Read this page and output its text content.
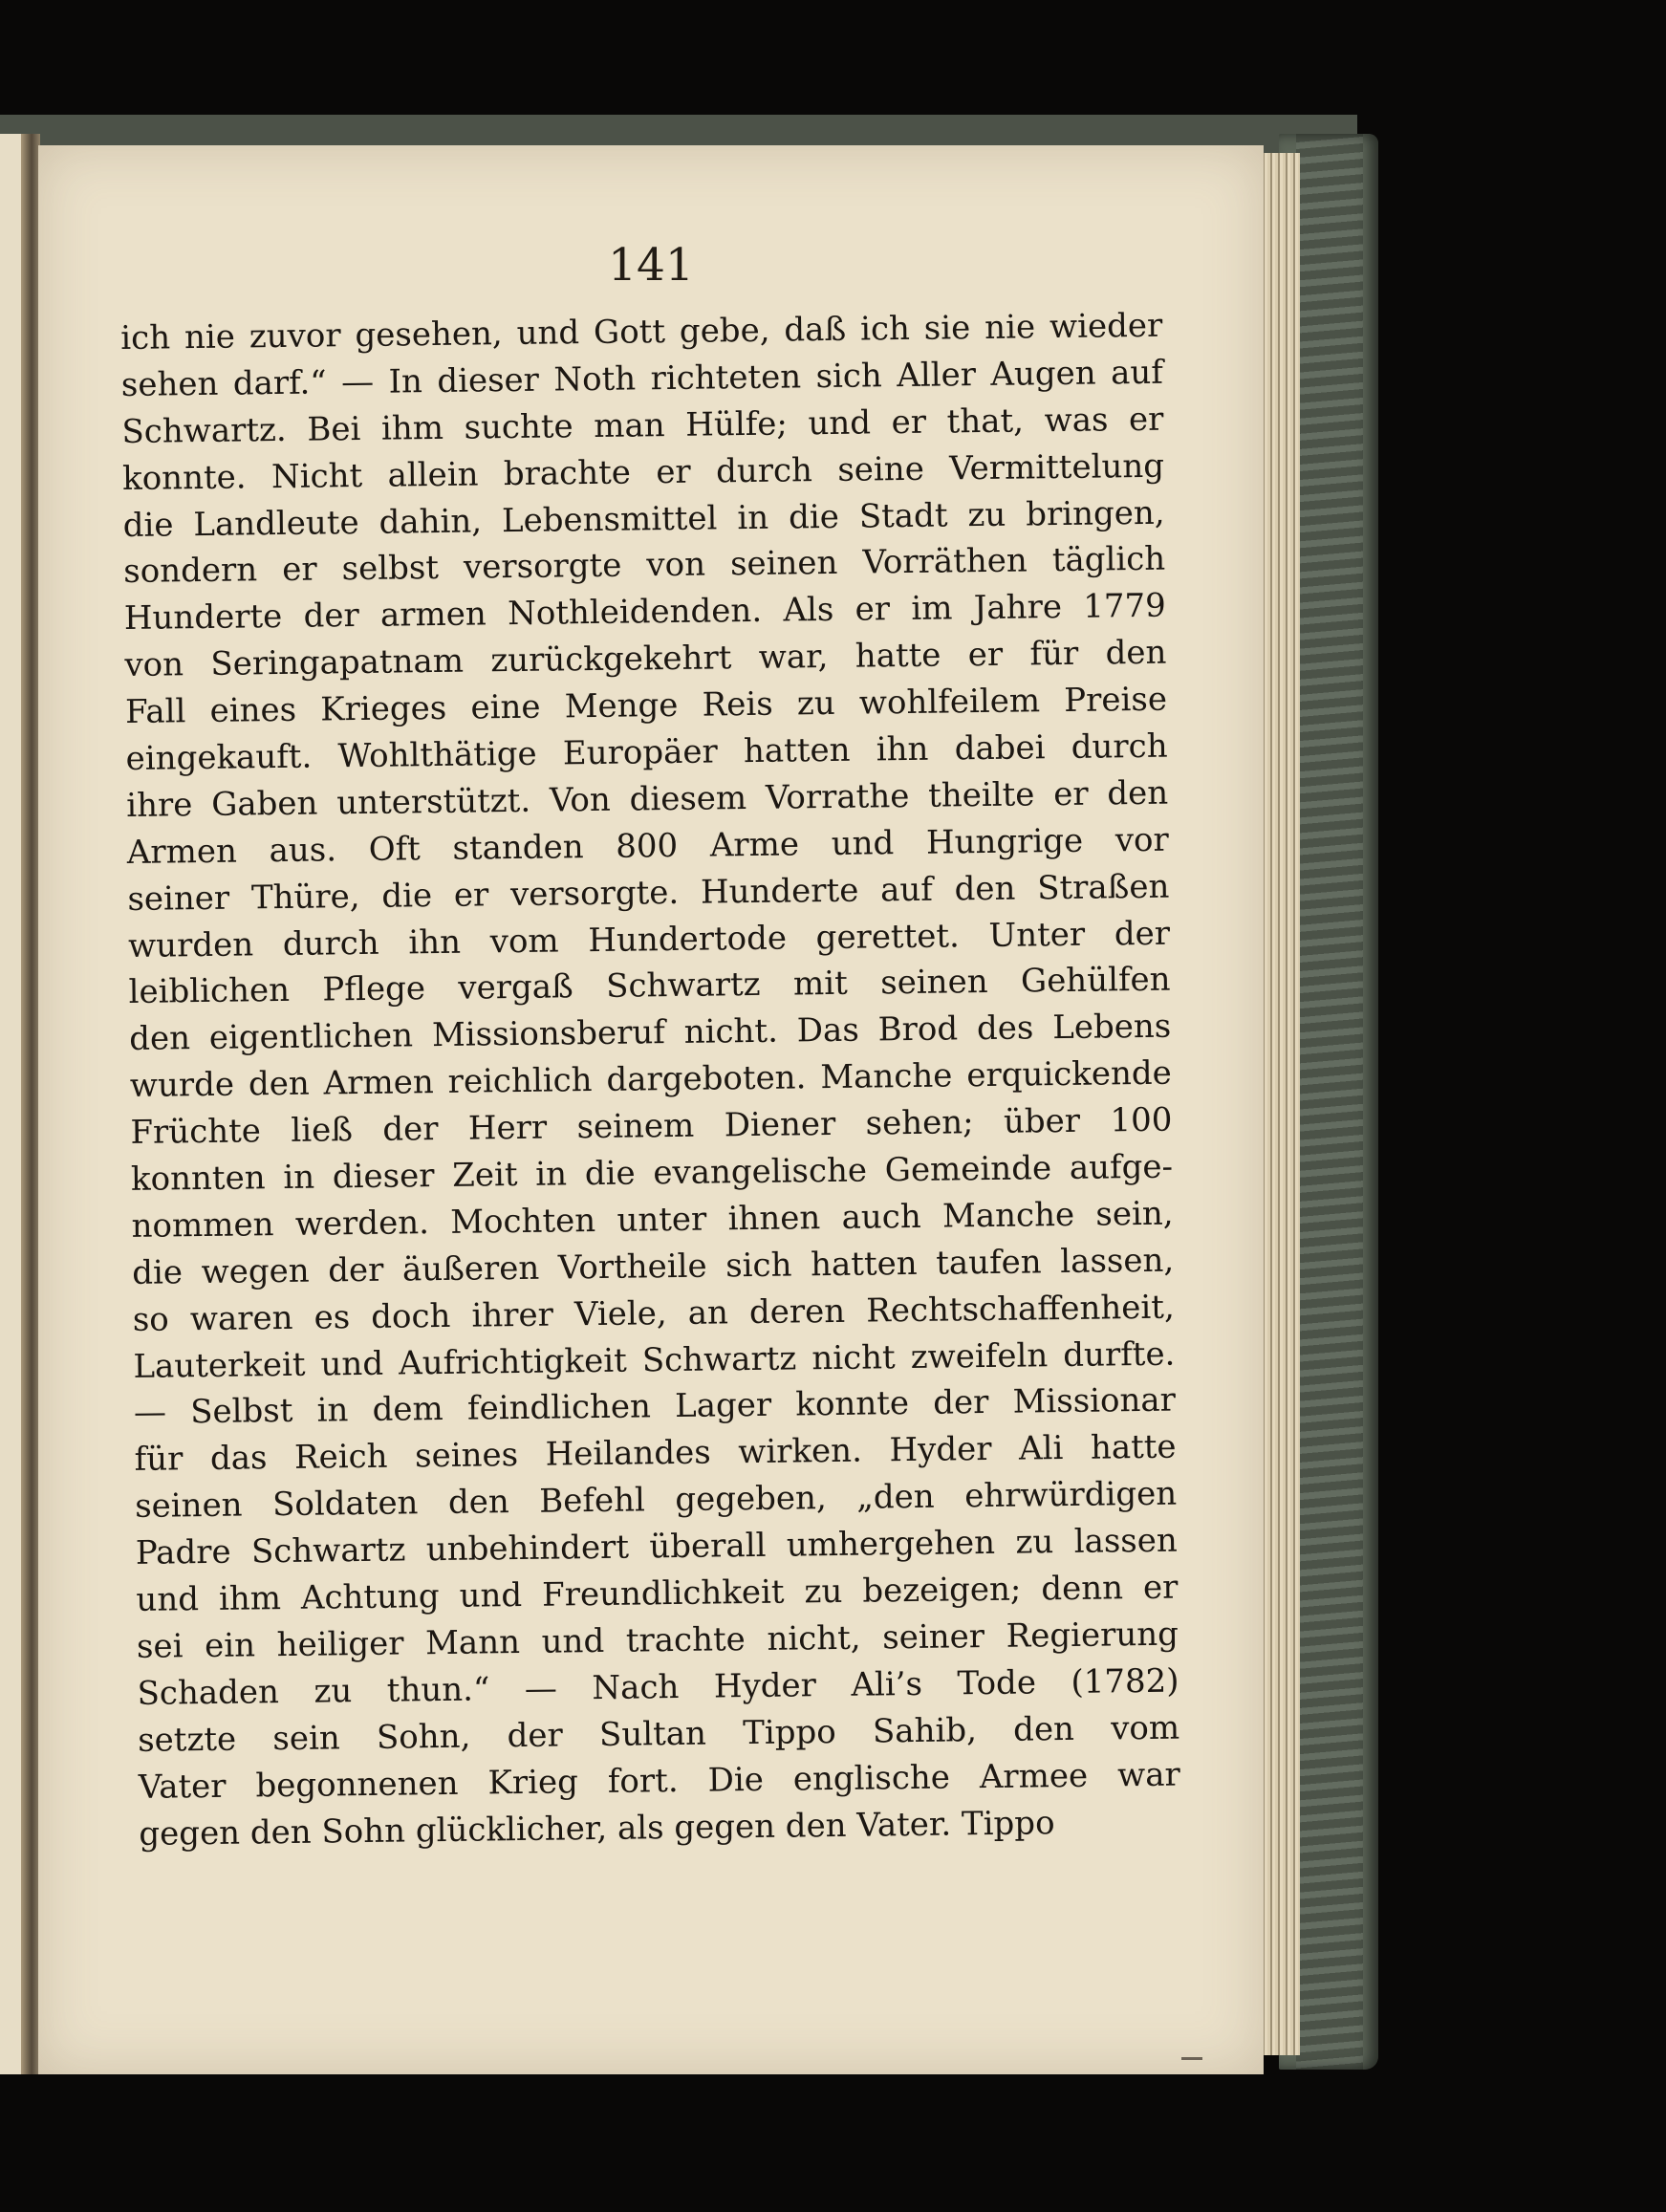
141
ich nie zuvor gesehen, und Gott gebe, daß ich sie nie wieder
sehen darf.“ — In dieser Noth richteten sich Aller Augen auf
Schwartz. Bei ihm suchte man Hülfe; und er that, was er
konnte. Nicht allein brachte er durch seine Vermittelung
die Landleute dahin, Lebensmittel in die Stadt zu bringen,
sondern er selbst versorgte von seinen Vorräthen täglich
Hunderte der armen Nothleidenden. Als er im Jahre 1779
von Seringapatnam zurückgekehrt war, hatte er für den
Fall eines Krieges eine Menge Reis zu wohlfeilem Preise
eingekauft. Wohlthätige Europäer hatten ihn dabei durch
ihre Gaben unterstützt. Von diesem Vorrathe theilte er den
Armen aus. Oft standen 800 Arme und Hungrige vor
seiner Thüre, die er versorgte. Hunderte auf den Straßen
wurden durch ihn vom Hundertode gerettet. Unter der
leiblichen Pflege vergaß Schwartz mit seinen Gehülfen
den eigentlichen Missionsberuf nicht. Das Brod des Lebens
wurde den Armen reichlich dargeboten. Manche erquickende
Früchte ließ der Herr seinem Diener sehen; über 100
konnten in dieser Zeit in die evangelische Gemeinde aufge-
nommen werden. Mochten unter ihnen auch Manche sein,
die wegen der äußeren Vortheile sich hatten taufen lassen,
so waren es doch ihrer Viele, an deren Rechtschaffenheit,
Lauterkeit und Aufrichtigkeit Schwartz nicht zweifeln durfte.
— Selbst in dem feindlichen Lager konnte der Missionar
für das Reich seines Heilandes wirken. Hyder Ali hatte
seinen Soldaten den Befehl gegeben, „den ehrwürdigen
Padre Schwartz unbehindert überall umhergehen zu lassen
und ihm Achtung und Freundlichkeit zu bezeigen; denn er
sei ein heiliger Mann und trachte nicht, seiner Regierung
Schaden zu thun.“ — Nach Hyder Ali’s Tode (1782)
setzte sein Sohn, der Sultan Tippo Sahib, den vom
Vater begonnenen Krieg fort. Die englische Armee war
gegen den Sohn glücklicher, als gegen den Vater. Tippo
